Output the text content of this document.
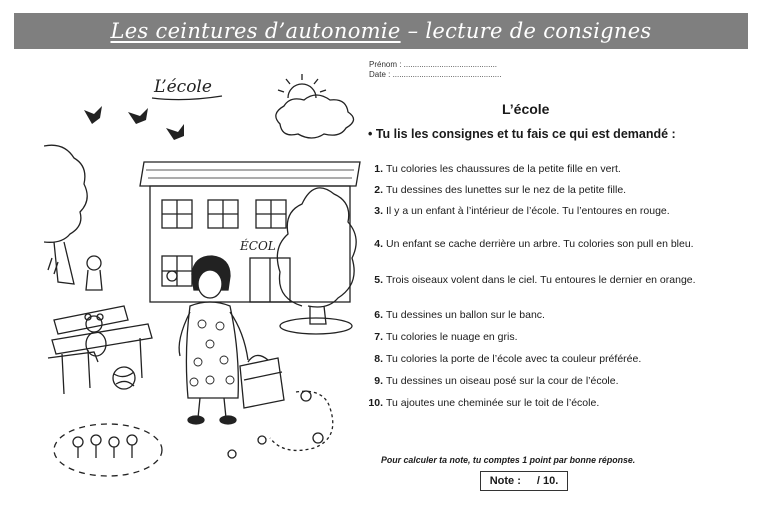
Les ceintures d’autonomie – lecture de consignes
L’école
ÉCOL
Prénom : ..........................................
Date : .................................................
L’école
• Tu lis les consignes et tu fais ce qui est demandé :
1. Tu colories les chaussures de la petite fille en vert.
2. Tu dessines des lunettes sur le nez de la petite fille.
3. Il y a un enfant à l’intérieur de l’école. Tu l’entoures en rouge.
4. Un enfant se cache derrière un arbre. Tu colories son pull en bleu.
5. Trois oiseaux volent dans le ciel. Tu entoures le dernier en orange.
6. Tu dessines un ballon sur le banc.
7. Tu colories le nuage en gris.
8. Tu colories la porte de l’école avec ta couleur préférée.
9. Tu dessines un oiseau posé sur la cour de l’école.
10. Tu ajoutes une cheminée sur le toit de l’école.
Pour calculer ta note, tu comptes 1 point par bonne réponse.
Note : / 10.
